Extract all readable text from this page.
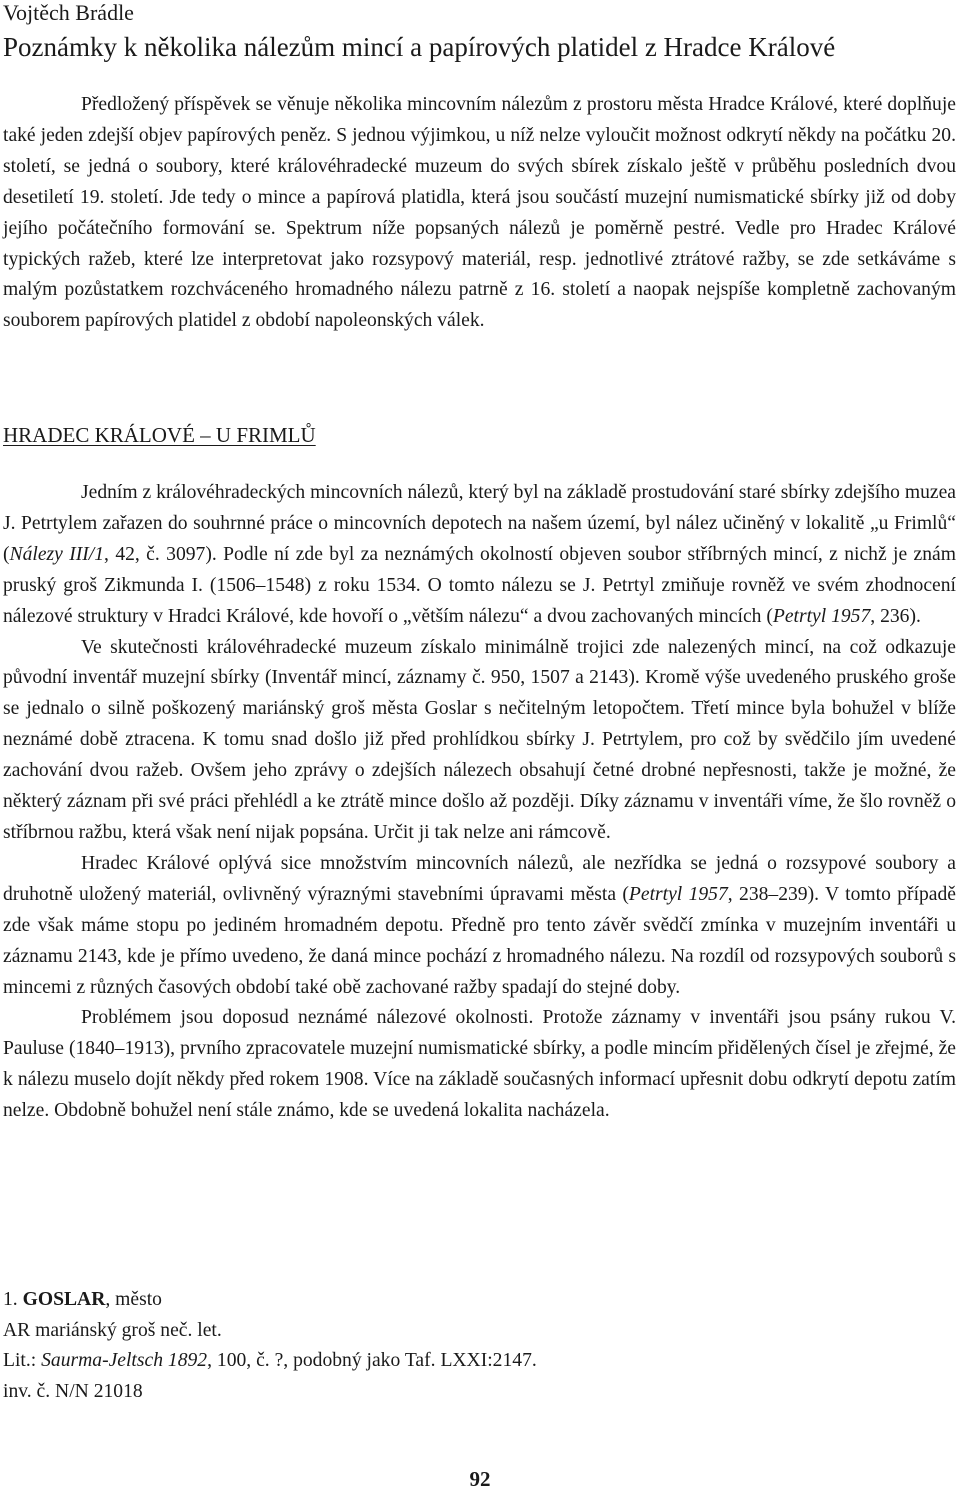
Vojtěch Brádle
Poznámky k několika nálezům mincí a papírových platidel z Hradce Králové

Předložený příspěvek se věnuje několika mincovním nálezům z prostoru města Hradce Králové, které doplňuje také jeden zdejší objev papírových peněz. S jednou výjimkou, u níž nelze vyloučit možnost odkrytí někdy na počátku 20. století, se jedná o soubory, které královéhradecké muzeum do svých sbírek získalo ještě v průběhu posledních dvou desetiletí 19. století. Jde tedy o mince a papírová platidla, která jsou součástí muzejní numismatické sbírky již od doby jejího počátečního formování se. Spektrum níže popsaných nálezů je poměrně pestré. Vedle pro Hradec Králové typických ražeb, které lze interpretovat jako rozsypový materiál, resp. jednotlivé ztrátové ražby, se zde setkáváme s malým pozůstatkem rozchváceného hromadného nálezu patrně z 16. století a naopak nejspíše kompletně zachovaným souborem papírových platidel z období napoleonských válek.

HRADEC KRÁLOVÉ – U FRIMLŮ

Jedním z královéhradeckých mincovních nálezů, který byl na základě prostudování staré sbírky zdejšího muzea J. Petrtylem zařazen do souhrnné práce o mincovních depotech na našem území, byl nález učiněný v lokalitě „u Frimlů“ (Nálezy III/1, 42, č. 3097). Podle ní zde byl za neznámých okolností objeven soubor stříbrných mincí, z nichž je znám pruský groš Zikmunda I. (1506–1548) z roku 1534. O tomto nálezu se J. Petrtyl zmiňuje rovněž ve svém zhodnocení nálezové struktury v Hradci Králové, kde hovoří o „větším nálezu“ a dvou zachovaných mincích (Petrtyl 1957, 236).

Ve skutečnosti královéhradecké muzeum získalo minimálně trojici zde nalezených mincí, na což odkazuje původní inventář muzejní sbírky (Inventář mincí, záznamy č. 950, 1507 a 2143). Kromě výše uvedeného pruského groše se jednalo o silně poškozený mariánský groš města Goslar s nečitelným letopočtem. Třetí mince byla bohužel v blíže neznámé době ztracena. K tomu snad došlo již před prohlídkou sbírky J. Petrtylem, pro což by svědčilo jím uvedené zachování dvou ražeb. Ovšem jeho zprávy o zdejších nálezech obsahují četné drobné nepřesnosti, takže je možné, že některý záznam při své práci přehlédl a ke ztrátě mince došlo až později. Díky záznamu v inventáři víme, že šlo rovněž o stříbrnou ražbu, která však není nijak popsána. Určit ji tak nelze ani rámcově.

Hradec Králové oplývá sice množstvím mincovních nálezů, ale nezřídka se jedná o rozsypové soubory a druhotně uložený materiál, ovlivněný výraznými stavebními úpravami města (Petrtyl 1957, 238–239). V tomto případě zde však máme stopu po jediném hromadném depotu. Předně pro tento závěr svědčí zmínka v muzejním inventáři u záznamu 2143, kde je přímo uvedeno, že daná mince pochází z hromadného nálezu. Na rozdíl od rozsypových souborů s mincemi z různých časových období také obě zachované ražby spadají do stejné doby.

Problémem jsou doposud neznámé nálezové okolnosti. Protože záznamy v inventáři jsou psány rukou V. Pauluse (1840–1913), prvního zpracovatele muzejní numismatické sbírky, a podle mincím přidělených čísel je zřejmé, že k nálezu muselo dojít někdy před rokem 1908. Více na základě současných informací upřesnit dobu odkrytí depotu zatím nelze. Obdobně bohužel není stále známo, kde se uvedená lokalita nacházela.

1. GOSLAR, město
AR mariánský groš neč. let.
Lit.: Saurma-Jeltsch 1892, 100, č. ?, podobný jako Taf. LXXI:2147.
inv. č. N/N 21018
92
